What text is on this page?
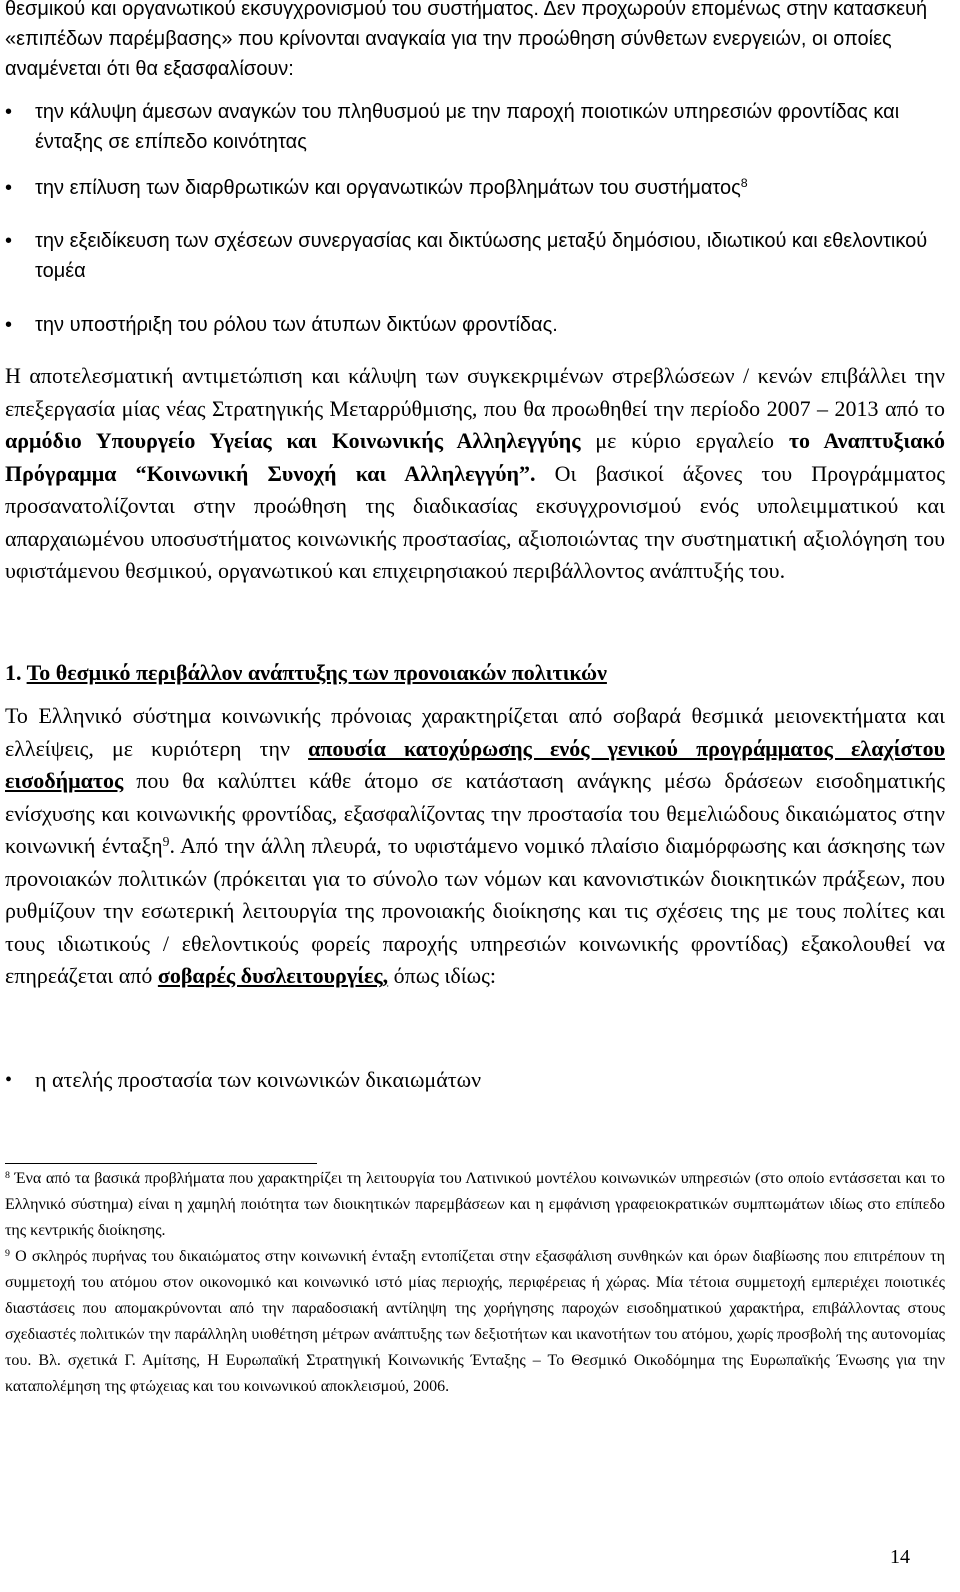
θεσμικού και οργανωτικού εκσυγχρονισμού του συστήματος. Δεν προχωρούν επομένως στην κατασκευή «επιπέδων παρέμβασης» που κρίνονται αναγκαία για την προώθηση σύνθετων ενεργειών, οι οποίες αναμένεται ότι θα εξασφαλίσουν:
• την κάλυψη άμεσων αναγκών του πληθυσμού με την παροχή ποιοτικών υπηρεσιών φροντίδας και ένταξης σε επίπεδο κοινότητας
• την επίλυση των διαρθρωτικών και οργανωτικών προβλημάτων του συστήματος$^8$
• την εξειδίκευση των σχέσεων συνεργασίας και δικτύωσης μεταξύ δημόσιου, ιδιωτικού και εθελοντικού τομέα
• την υποστήριξη του ρόλου των άτυπων δικτύων φροντίδας.
Η αποτελεσματική αντιμετώπιση και κάλυψη των συγκεκριμένων στρεβλώσεων / κενών επιβάλλει την επεξεργασία μίας νέας Στρατηγικής Μεταρρύθμισης, που θα προωθηθεί την περίοδο 2007 – 2013 από το αρμόδιο Υπουργείο Υγείας και Κοινωνικής Αλληλεγγύης με κύριο εργαλείο το Αναπτυξιακό Πρόγραμμα “Κοινωνική Συνοχή και Αλληλεγγύη”. Οι βασικοί άξονες του Προγράμματος προσανατολίζονται στην προώθηση της διαδικασίας εκσυγχρονισμού ενός υπολειμματικού και απαρχαιωμένου υποσυστήματος κοινωνικής προστασίας, αξιοποιώντας την συστηματική αξιολόγηση του υφιστάμενου θεσμικού, οργανωτικού και επιχειρησιακού περιβάλλοντος ανάπτυξής του.
1. Το θεσμικό περιβάλλον ανάπτυξης των προνοιακών πολιτικών
Το Ελληνικό σύστημα κοινωνικής πρόνοιας χαρακτηρίζεται από σοβαρά θεσμικά μειονεκτήματα και ελλείψεις, με κυριότερη την απουσία κατοχύρωσης ενός γενικού προγράμματος ελαχίστου εισοδήματος που θα καλύπτει κάθε άτομο σε κατάσταση ανάγκης μέσω δράσεων εισοδηματικής ενίσχυσης και κοινωνικής φροντίδας, εξασφαλίζοντας την προστασία του θεμελιώδους δικαιώματος στην κοινωνική ένταξη$^9$. Από την άλλη πλευρά, το υφιστάμενο νομικό πλαίσιο διαμόρφωσης και άσκησης των προνοιακών πολιτικών (πρόκειται για το σύνολο των νόμων και κανονιστικών διοικητικών πράξεων, που ρυθμίζουν την εσωτερική λειτουργία της προνοιακής διοίκησης και τις σχέσεις της με τους πολίτες και τους ιδιωτικούς / εθελοντικούς φορείς παροχής υπηρεσιών κοινωνικής φροντίδας) εξακολουθεί να επηρεάζεται από σοβαρές δυσλειτουργίες, όπως ιδίως:
• η ατελής προστασία των κοινωνικών δικαιωμάτων

$^8$ Ένα από τα βασικά προβλήματα που χαρακτηρίζει τη λειτουργία του Λατινικού μοντέλου κοινωνικών υπηρεσιών (στο οποίο εντάσσεται και το Ελληνικό σύστημα) είναι η χαμηλή ποιότητα των διοικητικών παρεμβάσεων και η εμφάνιση γραφειοκρατικών συμπτωμάτων ιδίως στο επίπεδο της κεντρικής διοίκησης.

$^9$ Ο σκληρός πυρήνας του δικαιώματος στην κοινωνική ένταξη εντοπίζεται στην εξασφάλιση συνθηκών και όρων διαβίωσης που επιτρέπουν τη συμμετοχή του ατόμου στον οικονομικό και κοινωνικό ιστό μίας περιοχής, περιφέρειας ή χώρας. Μία τέτοια συμμετοχή εμπεριέχει ποιοτικές διαστάσεις που απομακρύνονται από την παραδοσιακή αντίληψη της χορήγησης παροχών εισοδηματικού χαρακτήρα, επιβάλλοντας στους σχεδιαστές πολιτικών την παράλληλη υιοθέτηση μέτρων ανάπτυξης των δεξιοτήτων και ικανοτήτων του ατόμου, χωρίς προσβολή της αυτονομίας του. Βλ. σχετικά Γ. Αμίτσης, Η Ευρωπαϊκή Στρατηγική Κοινωνικής Ένταξης – Το Θεσμικό Οικοδόμημα της Ευρωπαϊκής Ένωσης για την καταπολέμηση της φτώχειας και του κοινωνικού αποκλεισμού, 2006.

14
